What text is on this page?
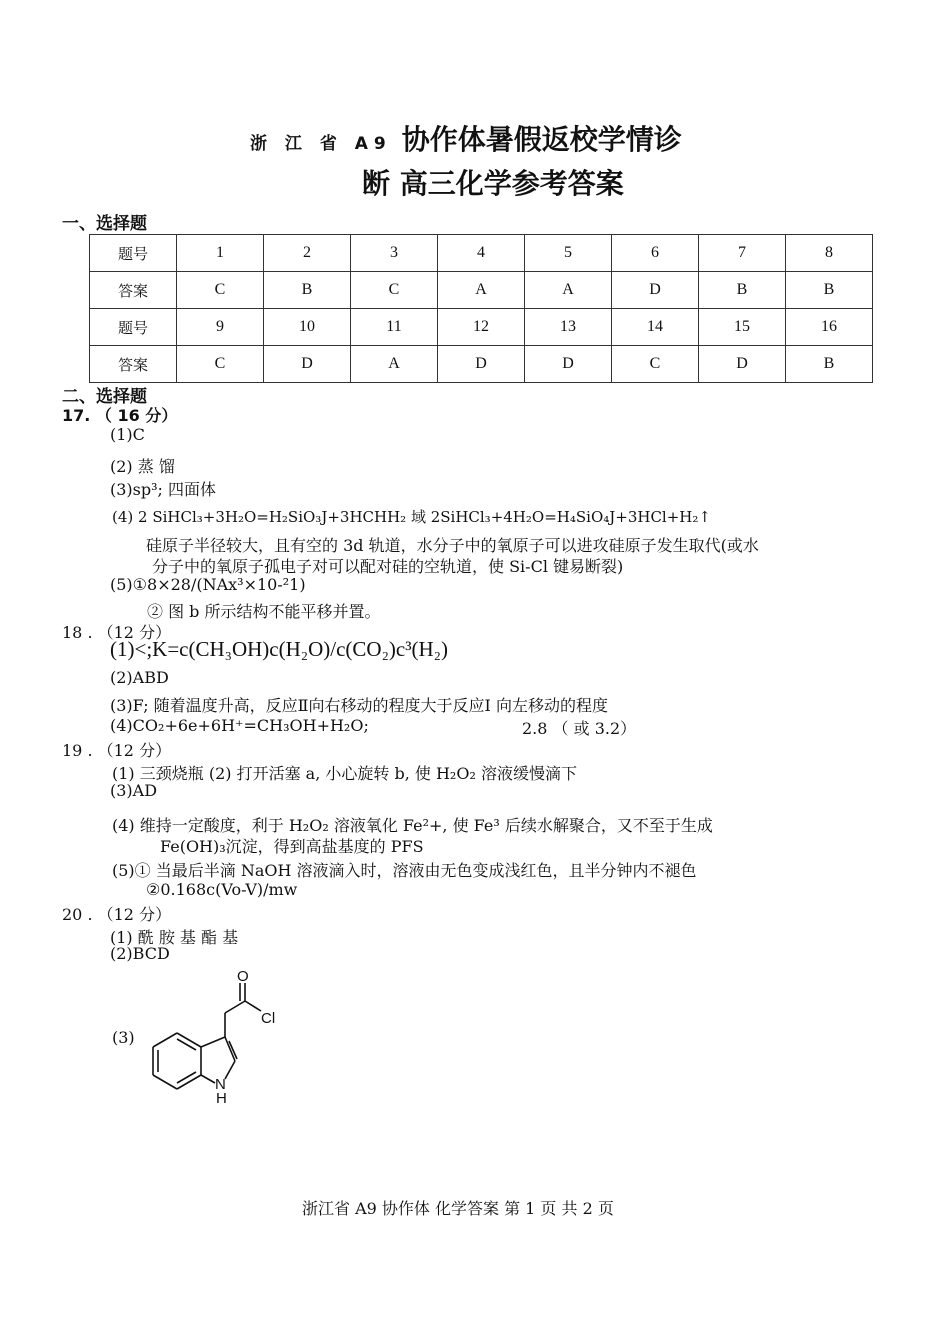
浙 江 省 A9 协作体暑假返校学情诊
断 高三化学参考答案
一、选择题
题号	1	2	3	4	5	6	7	8
答案	C	B	C	A	A	D	B	B
题号	9	10	11	12	13	14	15	16
答案	C	D	A	D	D	C	D	B
二、选择题
17. （ 16 分）
(1)C
(2) 蒸 馏
(3)sp³; 四面体
(4) 2 SiHCl₃+3H₂O=H₂SiO₃J+3HCHH₂ 域 2SiHCl₃+4H₂O=H₄SiO₄J+3HCl+H₂↑
硅原子半径较大，且有空的 3d 轨道，水分子中的氧原子可以进攻硅原子发生取代(或水
分子中的氧原子孤电子对可以配对硅的空轨道，使 Si-Cl 键易断裂)
(5)①8×28/(NAx³×10-²1)
② 图 b 所示结构不能平移并置。
18 . （12 分）
(1)<;K=c(CH₃OH)c(H₂O)/c(CO₂)c³(H₂)
(2)ABD
(3)F; 随着温度升高，反应Ⅱ向右移动的程度大于反应Ⅰ 向左移动的程度
(4)CO₂+6e+6H⁺=CH₃OH+H₂O;	2.8 （ 或 3.2）
19 . （12 分）
(1) 三颈烧瓶 (2) 打开活塞 a, 小心旋转 b, 使 H₂O₂ 溶液缓慢滴下
(3)AD
(4) 维持一定酸度，利于 H₂O₂ 溶液氧化 Fe²+, 使 Fe³ 后续水解聚合，又不至于生成
Fe(OH)₃沉淀，得到高盐基度的 PFS
(5)① 当最后半滴 NaOH 溶液滴入时，溶液由无色变成浅红色，且半分钟内不褪色
②0.168c(Vo-V)/mw
20 . （12 分）
(1) 酰 胺 基 酯 基
(2)BCD
(3)
O
Cl
N
H
浙江省 A9 协作体 化学答案 第 1 页 共 2 页
